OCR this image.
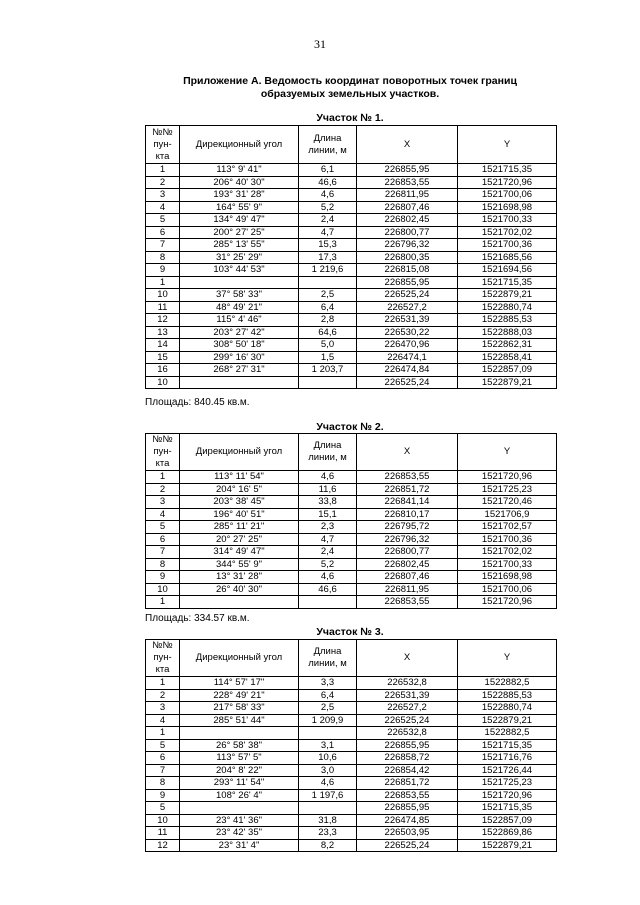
31
Приложение А. Ведомость координат поворотных точек границ
образуемых земельных участков.
Участок № 1.
№№ пун- кта	Дирекционный угол	Длина линии, м	X	Y
1	113° 9' 41"	6,1	226855,95	1521715,35
2	206° 40' 30"	46,6	226853,55	1521720,96
3	193° 31' 28"	4,6	226811,95	1521700,06
4	164° 55' 9"	5,2	226807,46	1521698,98
5	134° 49' 47"	2,4	226802,45	1521700,33
6	200° 27' 25"	4,7	226800,77	1521702,02
7	285° 13' 55"	15,3	226796,32	1521700,36
8	31° 25' 29"	17,3	226800,35	1521685,56
9	103° 44' 53"	1 219,6	226815,08	1521694,56
1			226855,95	1521715,35
10	37° 58' 33"	2,5	226525,24	1522879,21
11	48° 49' 21"	6,4	226527,2	1522880,74
12	115° 4' 46"	2,8	226531,39	1522885,53
13	203° 27' 42"	64,6	226530,22	1522888,03
14	308° 50' 18"	5,0	226470,96	1522862,31
15	299° 16' 30"	1,5	226474,1	1522858,41
16	268° 27' 31"	1 203,7	226474,84	1522857,09
10			226525,24	1522879,21
Площадь: 840.45 кв.м.
Участок № 2.
№№ пун- кта	Дирекционный угол	Длина линии, м	X	Y
1	113° 11' 54"	4,6	226853,55	1521720,96
2	204° 16' 5"	11,6	226851,72	1521725,23
3	203° 38' 45"	33,8	226841,14	1521720,46
4	196° 40' 51"	15,1	226810,17	1521706,9
5	285° 11' 21"	2,3	226795,72	1521702,57
6	20° 27' 25"	4,7	226796,32	1521700,36
7	314° 49' 47"	2,4	226800,77	1521702,02
8	344° 55' 9"	5,2	226802,45	1521700,33
9	13° 31' 28"	4,6	226807,46	1521698,98
10	26° 40' 30"	46,6	226811,95	1521700,06
1			226853,55	1521720,96
Площадь: 334.57 кв.м.
Участок № 3.
№№ пун- кта	Дирекционный угол	Длина линии, м	X	Y
1	114° 57' 17"	3,3	226532,8	1522882,5
2	228° 49' 21"	6,4	226531,39	1522885,53
3	217° 58' 33"	2,5	226527,2	1522880,74
4	285° 51' 44"	1 209,9	226525,24	1522879,21
1			226532,8	1522882,5
5	26° 58' 38"	3,1	226855,95	1521715,35
6	113° 57' 5"	10,6	226858,72	1521716,76
7	204° 8' 22"	3,0	226854,42	1521726,44
8	293° 11' 54"	4,6	226851,72	1521725,23
9	108° 26' 4"	1 197,6	226853,55	1521720,96
5			226855,95	1521715,35
10	23° 41' 36"	31,8	226474,85	1522857,09
11	23° 42' 35"	23,3	226503,95	1522869,86
12	23° 31' 4"	8,2	226525,24	1522879,21
